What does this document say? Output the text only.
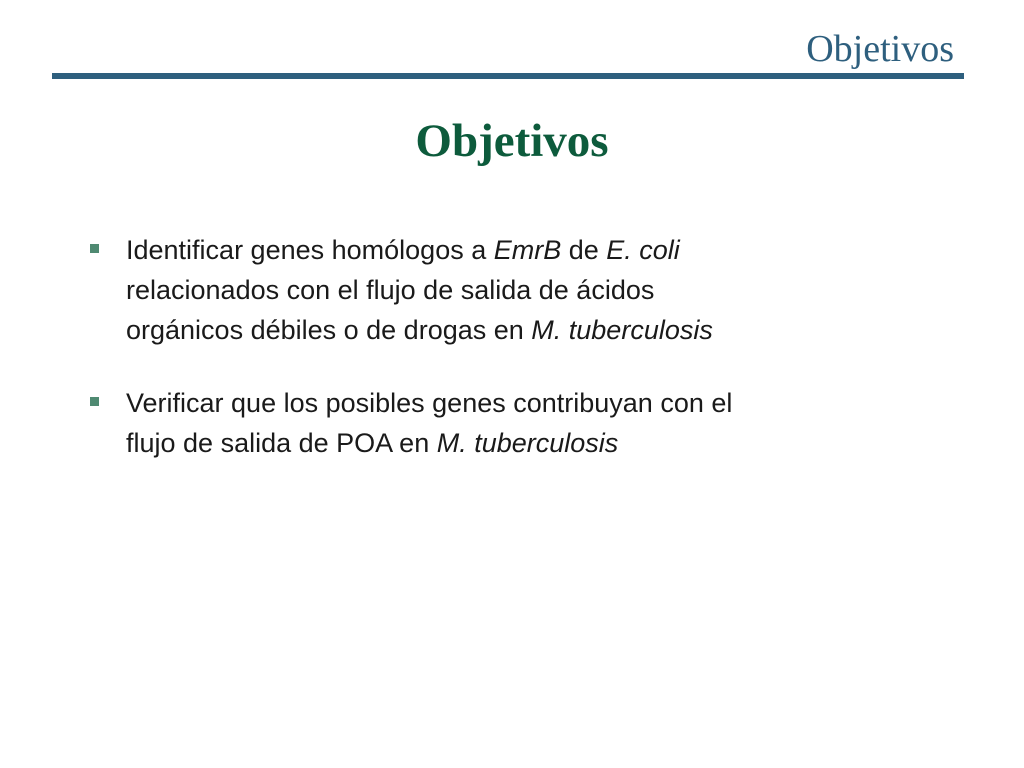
Objetivos
Objetivos
Identificar genes homólogos a EmrB de E. coli
relacionados con el flujo de salida de ácidos
orgánicos débiles o de drogas en M. tuberculosis
Verificar que los posibles genes contribuyan con el
flujo de salida de POA en M. tuberculosis
